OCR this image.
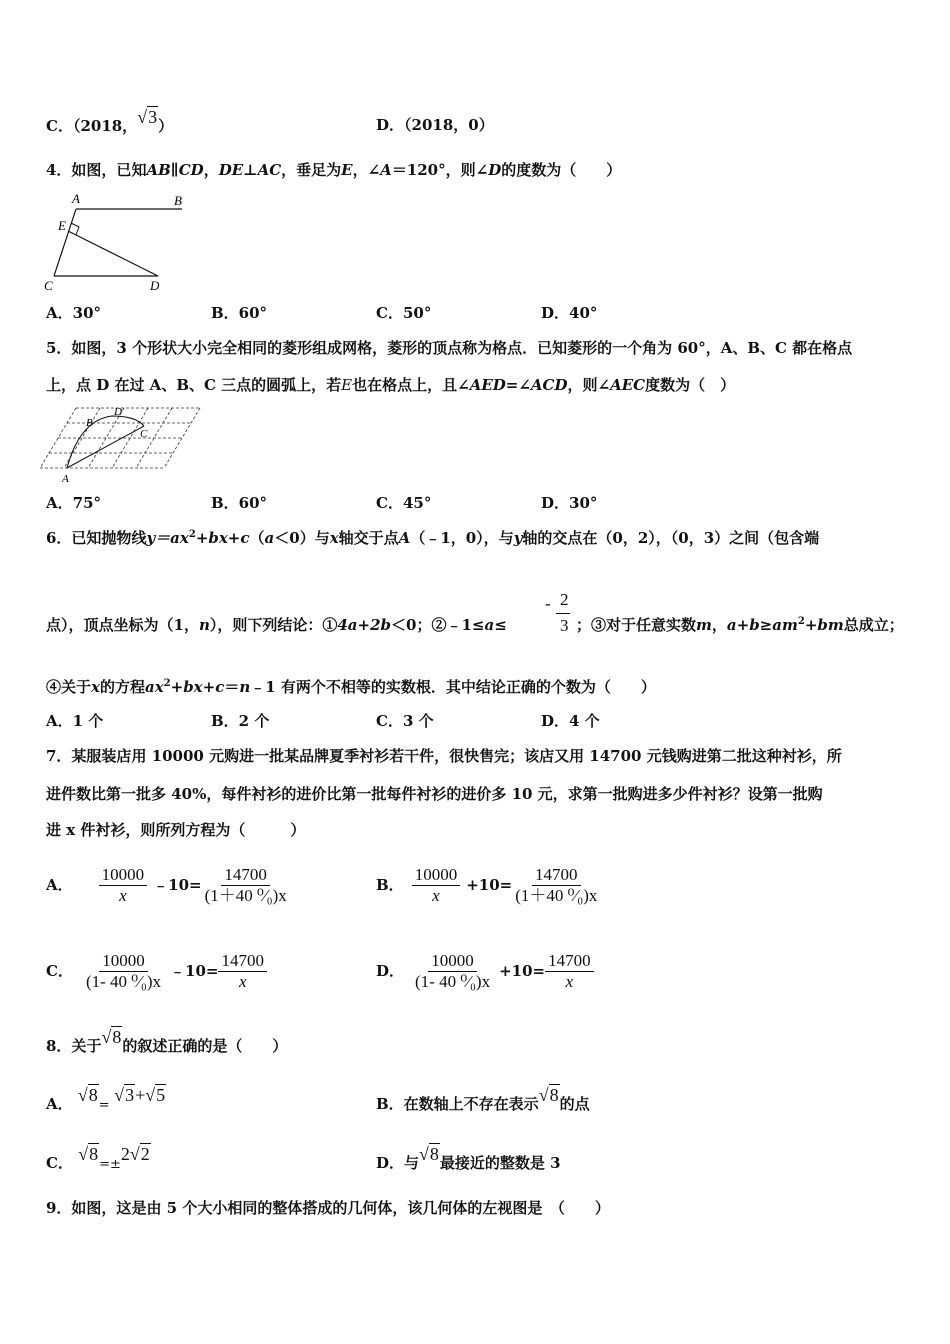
C．（2018，√3）	D．（2018，0）
4．如图，已知AB∥CD，DE⊥AC，垂足为E，∠A＝120°，则∠D的度数为（　　）
A	B
E
C	D
A．30°	B．60°	C．50°	D．40°
5．如图，3 个形状大小完全相同的菱形组成网格，菱形的顶点称为格点．已知菱形的一个角为 60°，A、B、C 都在格点
上，点 D 在过 A、B、C 三点的圆弧上，若E也在格点上，且∠AED=∠ACD，则∠AEC度数为（　）
A
B
C
D
A．75°	B．60°	C．45°	D．30°
6．已知抛物线$y=ax^2+bx+c(a<0)$与x轴交于点A（﹣1，0），与y轴的交点在（0，2），（0，3）之间（包含端
点），顶点坐标为（1，n），则下列结论：①4a+2b＜0；②﹣1≤a≤
- 2
3 ；③对于任意实数m，$a+b\ge am^2+bm$总成立；
④关于x的方程$ax^2+bx+c=n﹣1$ 有两个不相等的实数根．其中结论正确的个数为（　　）
A．1 个	B．2 个	C．3 个	D．4 个
7．某服装店用 10000 元购进一批某品牌夏季衬衫若干件，很快售完；该店又用 14700 元钱购进第二批这种衬衫，所
进件数比第一批多 40%，每件衬衫的进价比第一批每件衬衫的进价多 10 元，求第一批购进多少件衬衫？设第一批购
进 x 件衬衫，则所列方程为（　　　）
A． $\frac{10000}{x}$ ﹣10= $\frac{14700}{\text{(1＋40 ⁰⁄₀)x}}$	B． $\frac{10000}{x} +10= \frac{14700}{\text{(1＋40 ⁰⁄₀)x}}$
C． $\frac{10000}{\text{(1- 40 ⁰⁄₀)x}}$ ﹣10= $\frac{14700}{x}$	D． $\frac{10000}{\text{(1- 40 ⁰⁄₀)x}} +10= \frac{14700}{x}$
8．关于√8的叙述正确的是（　　）
A． √8= √3+√5	B．在数轴上不存在表示√8的点
C． √8=±2√2	D．与√8最接近的整数是 3
9．如图，这是由 5 个大小相同的整体搭成的几何体，该几何体的左视图是　（　　）
